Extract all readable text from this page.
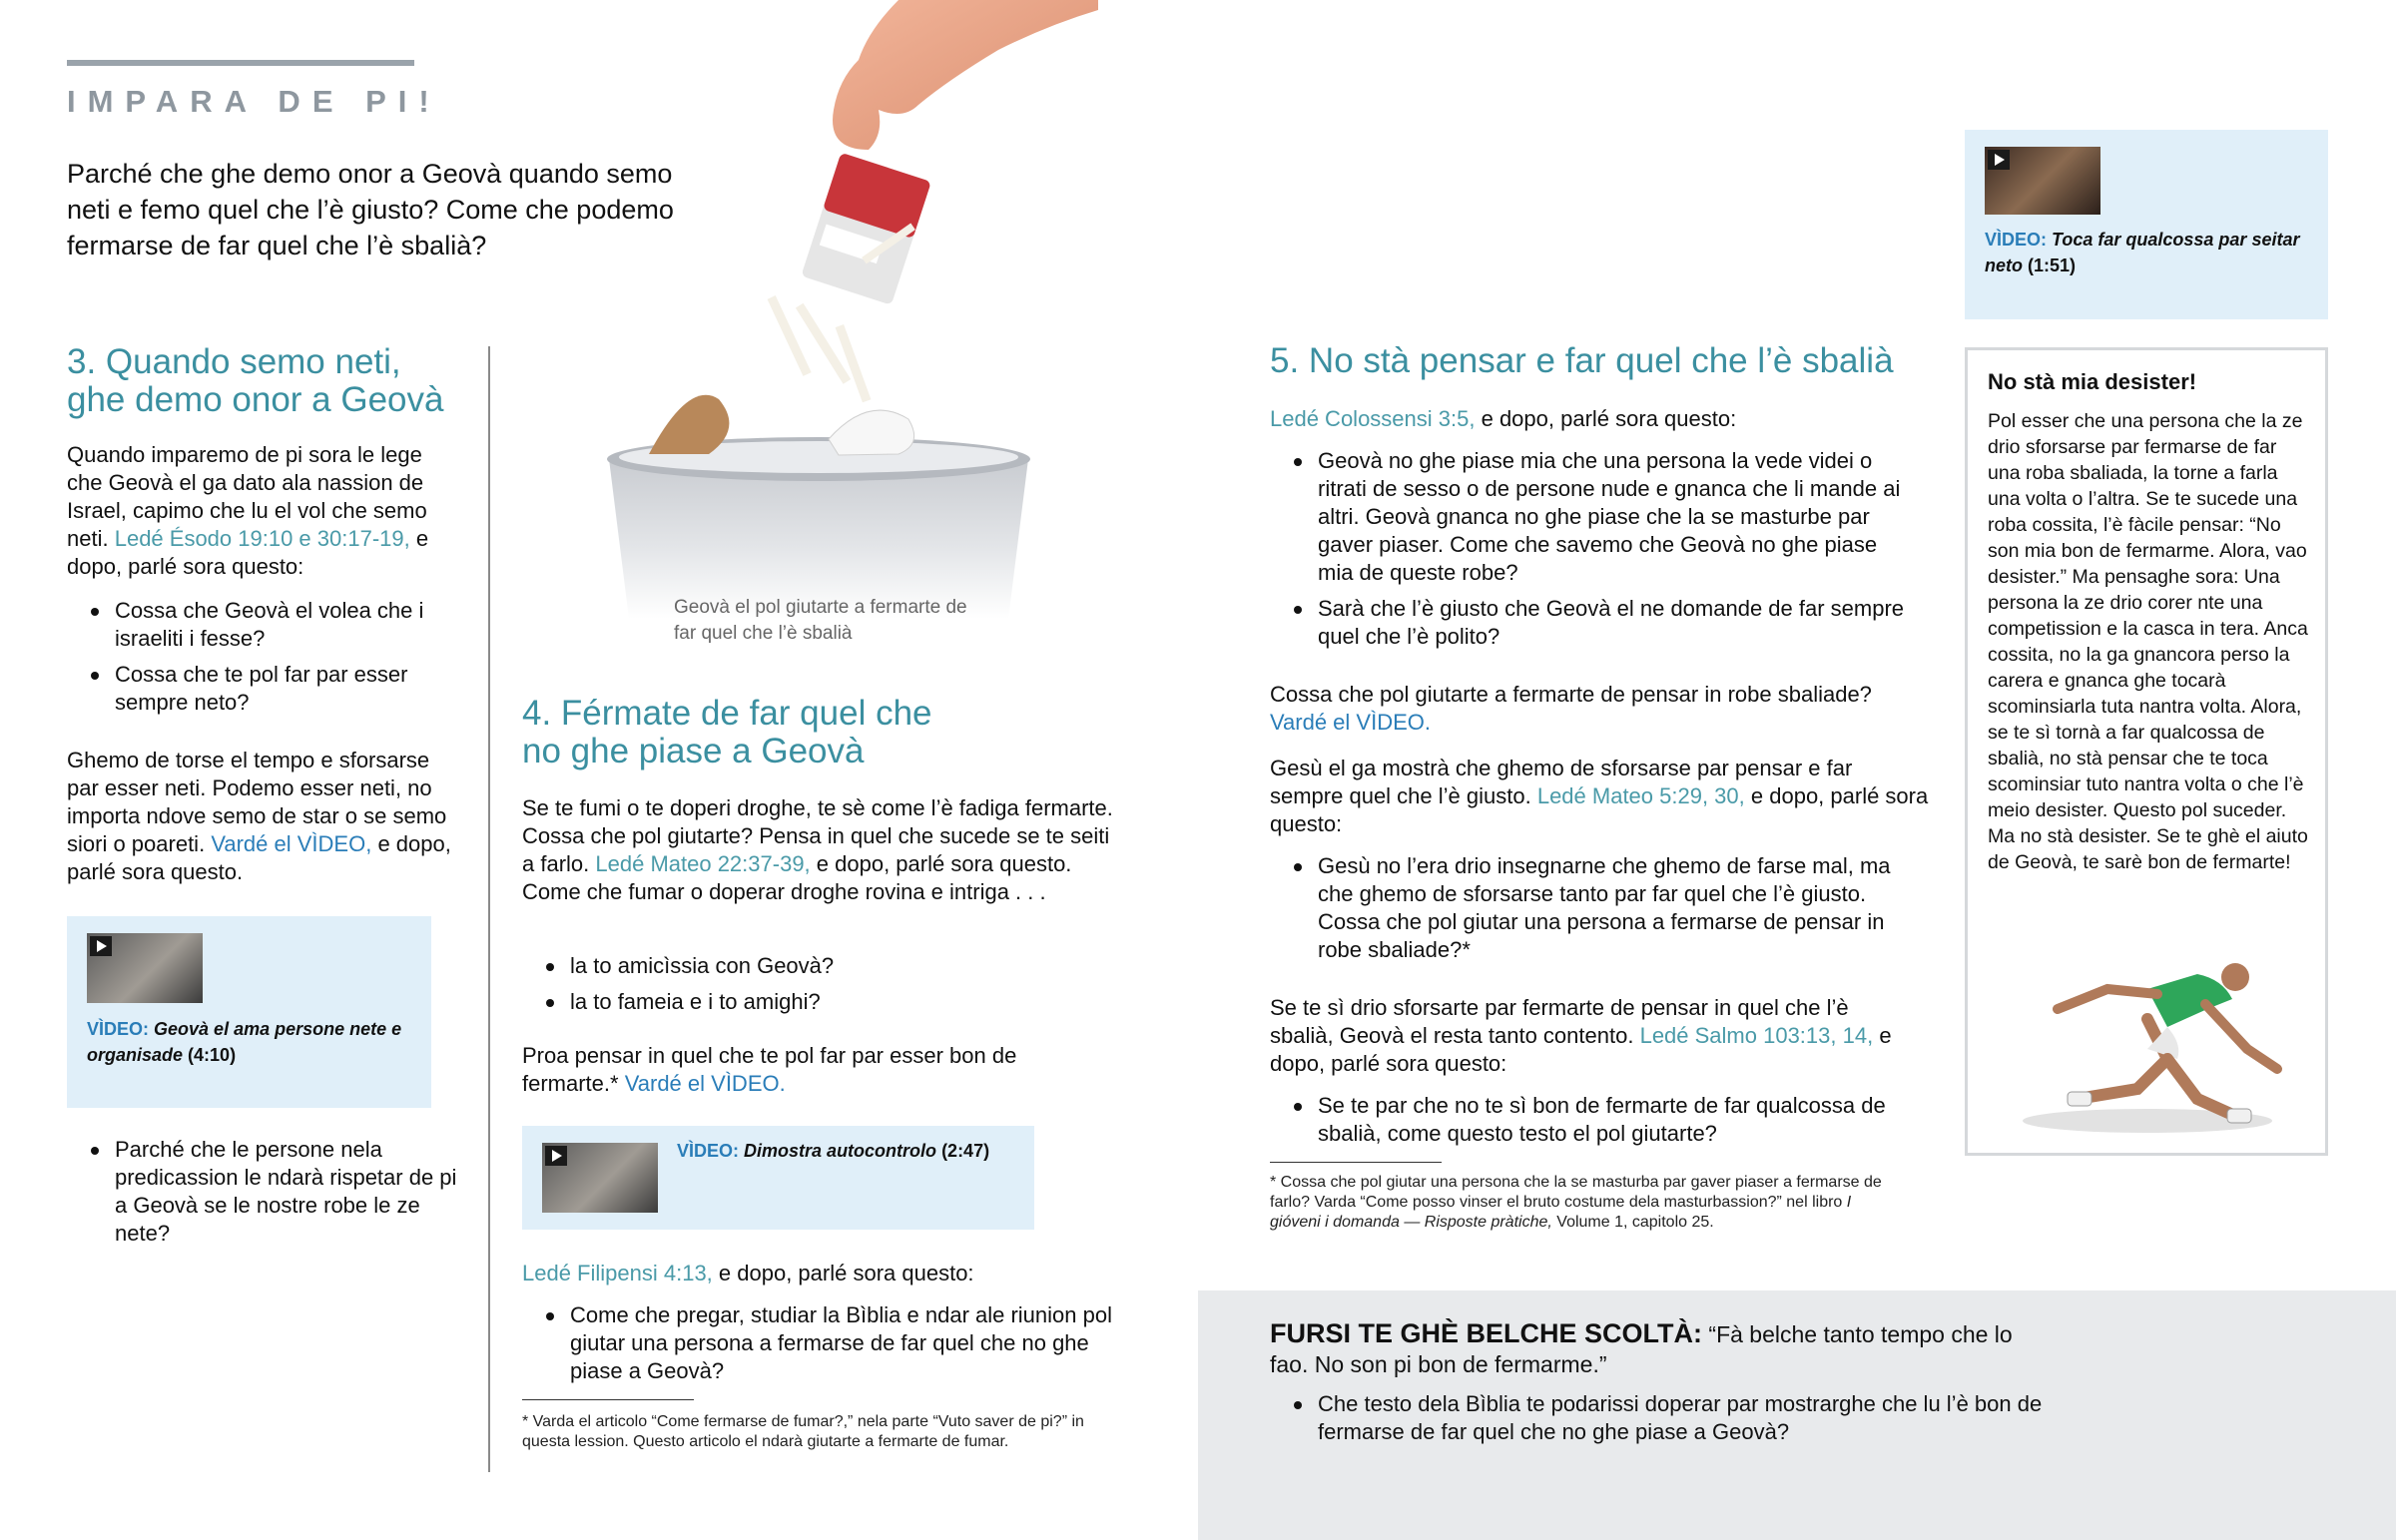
IMPARA DE PI!
Parché che ghe demo onor a Geovà quando semo neti e femo quel che l’è giusto? Come che podemo fermarse de far quel che l’è sbalià?
3. Quando semo neti,
ghe demo onor a Geovà
Quando imparemo de pi sora le lege che Geovà el ga dato ala nassion de Israel, capimo che lu el vol che semo neti. Ledé Ésodo 19:10 e 30:17-19, e dopo, parlé sora questo:
Cossa che Geovà el volea che i israeliti i fesse?
Cossa che te pol far par esser sempre neto?
Ghemo de torse el tempo e sforsarse par esser neti. Podemo esser neti, no importa ndove semo de star o se semo siori o poareti. Vardé el VÌDEO, e dopo, parlé sora questo.
VÌDEO: Geovà el ama persone nete e organisade (4:10)
Parché che le persone nela predicassion le ndarà rispetar de pi a Geovà se le nostre robe le ze nete?
Geovà el pol giutarte a fermarte de far quel che l’è sbalià
4. Férmate de far quel che
no ghe piase a Geovà
Se te fumi o te doperi droghe, te sè come l’è fadiga fermarte. Cossa che pol giutarte? Pensa in quel che sucede se te seiti a farlo. Ledé Mateo 22:37-39, e dopo, parlé sora questo. Come che fumar o doperar droghe rovina e intriga . . .
la to amicìssia con Geovà?
la to fameia e i to amighi?
Proa pensar in quel che te pol far par esser bon de fermarte.* Vardé el VÌDEO.
VÌDEO: Dimostra autocontrolo (2:47)
Ledé Filipensi 4:13, e dopo, parlé sora questo:
Come che pregar, studiar la Bìblia e ndar ale riunion pol giutar una persona a fermarse de far quel che no ghe piase a Geovà?
* Varda el articolo “Come fermarse de fumar?,” nela parte “Vuto saver de pi?” in questa lession. Questo articolo el ndarà giutarte a fermarte de fumar.
5. No stà pensar e far quel che l’è sbalià
Ledé Colossensi 3:5, e dopo, parlé sora questo:
Geovà no ghe piase mia che una persona la vede videi o ritrati de sesso o de persone nude e gnanca che li mande ai altri. Geovà gnanca no ghe piase che la se masturbe par gaver piaser. Come che savemo che Geovà no ghe piase mia de queste robe?
Sarà che l’è giusto che Geovà el ne domande de far sempre quel che l’è polito?
Cossa che pol giutarte a fermarte de pensar in robe sbaliade? Vardé el VÌDEO.
Gesù el ga mostrà che ghemo de sforsarse par pensar e far sempre quel che l’è giusto. Ledé Mateo 5:29, 30, e dopo, parlé sora questo:
Gesù no l’era drio insegnarne che ghemo de farse mal, ma che ghemo de sforsarse tanto par far quel che l’è giusto. Cossa che pol giutar una persona a fermarse de pensar in robe sbaliade?*
Se te sì drio sforsarte par fermarte de pensar in quel che l’è sbalià, Geovà el resta tanto contento. Ledé Salmo 103:13, 14, e dopo, parlé sora questo:
Se te par che no te sì bon de fermarte de far qualcossa de sbalià, come questo testo el pol giutarte?
* Cossa che pol giutar una persona che la se masturba par gaver piaser a fermarse de farlo? Varda “Come posso vinser el bruto costume dela masturbassion?” nel libro I gióveni i domanda — Risposte pràtiche, Volume 1, capitolo 25.
VÌDEO: Toca far qualcossa par seitar neto (1:51)
No stà mia desister!
Pol esser che una persona che la ze drio sforsarse par fermarse de far una roba sbaliada, la torne a farla una volta o l’altra. Se te sucede una roba cossita, l’è fàcile pensar: “No son mia bon de fermarme. Alora, vao desister.” Ma pensaghe sora: Una persona la ze drio corer nte una competission e la casca in tera. Anca cossita, no la ga gnancora perso la carera e gnanca ghe tocarà scominsiarla tuta nantra volta. Alora, se te sì tornà a far qualcossa de sbalià, no stà pensar che te toca scominsiar tuto nantra volta o che l’è meio desister. Questo pol suceder. Ma no stà desister. Se te ghè el aiuto de Geovà, te sarè bon de fermarte!
FURSI TE GHÈ BELCHE SCOLTÀ: “Fà belche tanto tempo che lo fao. No son pi bon de fermarme.”
Che testo dela Bìblia te podarissi doperar par mostrarghe che lu l’è bon de fermarse de far quel che no ghe piase a Geovà?
